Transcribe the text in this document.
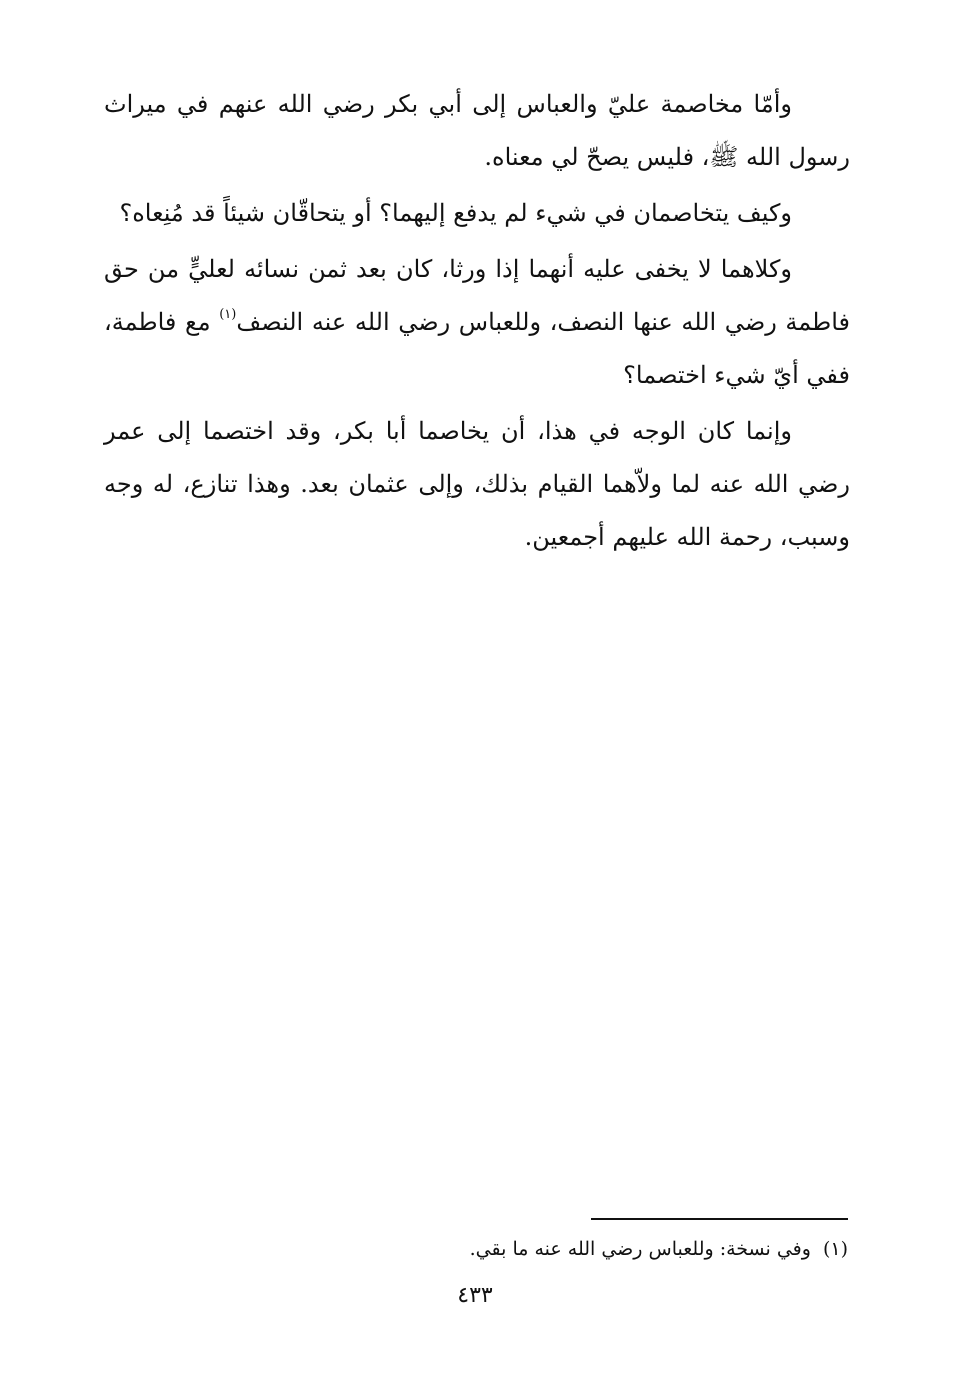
وأمّا مخاصمة عليّ والعباس إلى أبي بكر رضي الله عنهم في ميراث رسول الله ﷺ، فليس يصحّ لي معناه.

وكيف يتخاصمان في شيء لم يدفع إليهما؟ أو يتحاقّان شيئاً قد مُنِعاه؟

وكلاهما لا يخفى عليه أنهما إذا ورثا، كان بعد ثمن نسائه لعليٍّ من حق فاطمة رضي الله عنها النصف، وللعباس رضي الله عنه النصف$^{(١)}$ مع فاطمة، ففي أيّ شيء اختصما؟

وإنما كان الوجه في هذا، أن يخاصما أبا بكر، وقد اختصما إلى عمر رضي الله عنه لما ولاّهما القيام بذلك، وإلى عثمان بعد. وهذا تنازع، له وجه وسبب، رحمة الله عليهم أجمعين.

(١)وفي نسخة: وللعباس رضي الله عنه ما بقي.
٤٣٣
